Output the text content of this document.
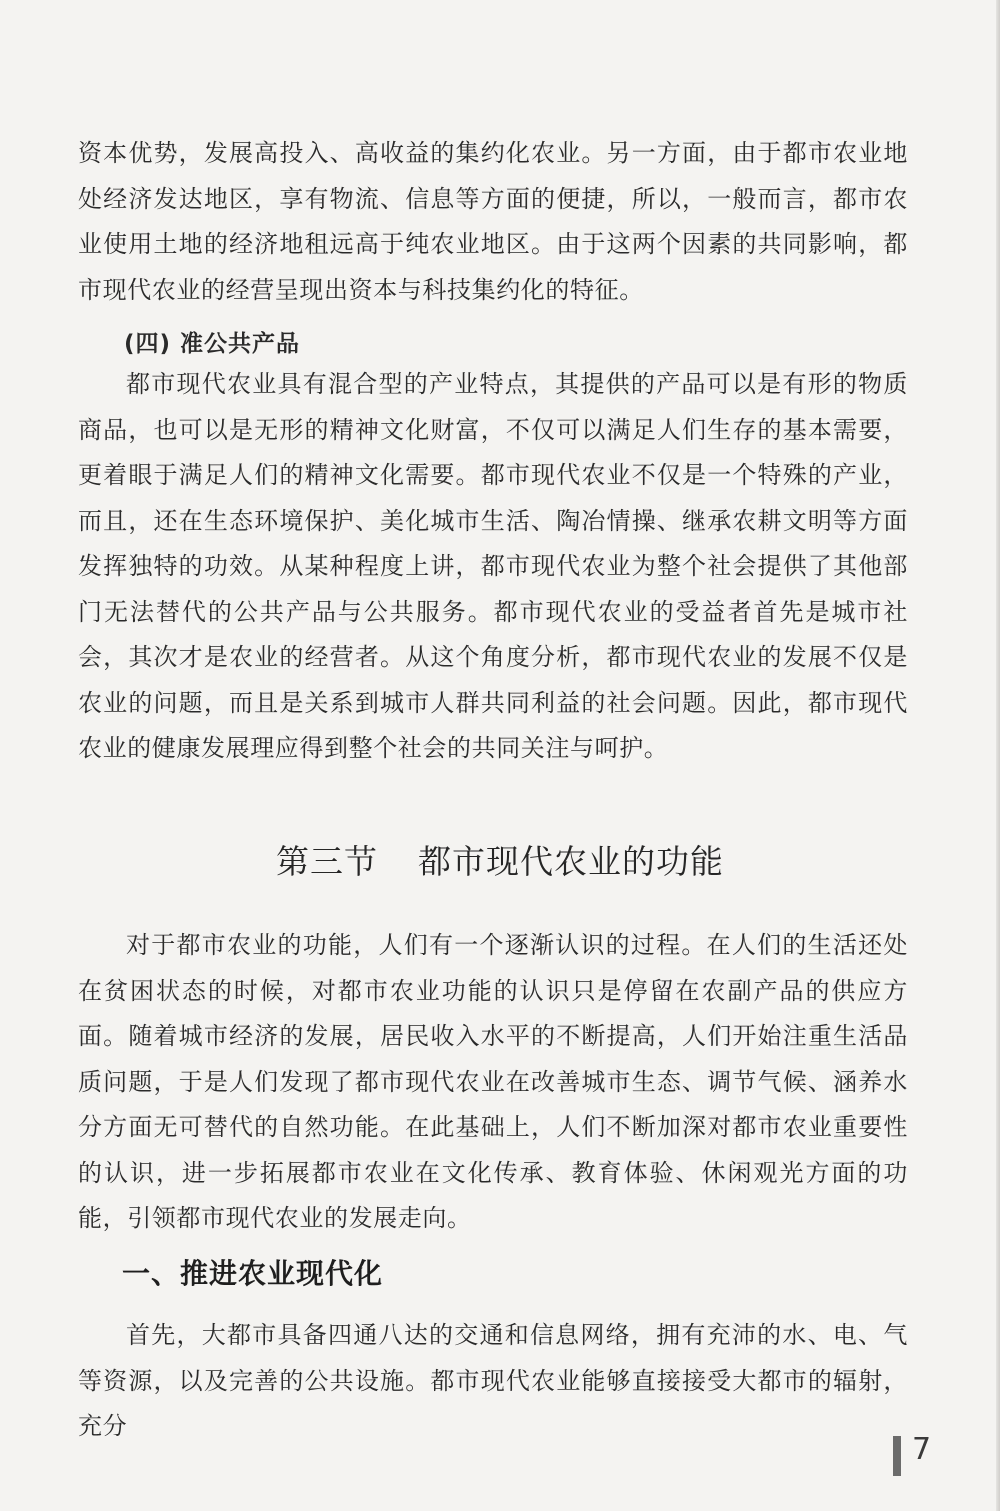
资本优势，发展高投入、高收益的集约化农业。另一方面，由于都市农业地处经济发达地区，享有物流、信息等方面的便捷，所以，一般而言，都市农业使用土地的经济地租远高于纯农业地区。由于这两个因素的共同影响，都市现代农业的经营呈现出资本与科技集约化的特征。

(四) 准公共产品

都市现代农业具有混合型的产业特点，其提供的产品可以是有形的物质商品，也可以是无形的精神文化财富，不仅可以满足人们生存的基本需要，更着眼于满足人们的精神文化需要。都市现代农业不仅是一个特殊的产业，而且，还在生态环境保护、美化城市生活、陶冶情操、继承农耕文明等方面发挥独特的功效。从某种程度上讲，都市现代农业为整个社会提供了其他部门无法替代的公共产品与公共服务。都市现代农业的受益者首先是城市社会，其次才是农业的经营者。从这个角度分析，都市现代农业的发展不仅是农业的问题，而且是关系到城市人群共同利益的社会问题。因此，都市现代农业的健康发展理应得到整个社会的共同关注与呵护。

第三节 都市现代农业的功能

对于都市农业的功能，人们有一个逐渐认识的过程。在人们的生活还处在贫困状态的时候，对都市农业功能的认识只是停留在农副产品的供应方面。随着城市经济的发展，居民收入水平的不断提高，人们开始注重生活品质问题，于是人们发现了都市现代农业在改善城市生态、调节气候、涵养水分方面无可替代的自然功能。在此基础上，人们不断加深对都市农业重要性的认识，进一步拓展都市农业在文化传承、教育体验、休闲观光方面的功能，引领都市现代农业的发展走向。

一、推进农业现代化

首先，大都市具备四通八达的交通和信息网络，拥有充沛的水、电、气等资源，以及完善的公共设施。都市现代农业能够直接接受大都市的辐射，充分

7
